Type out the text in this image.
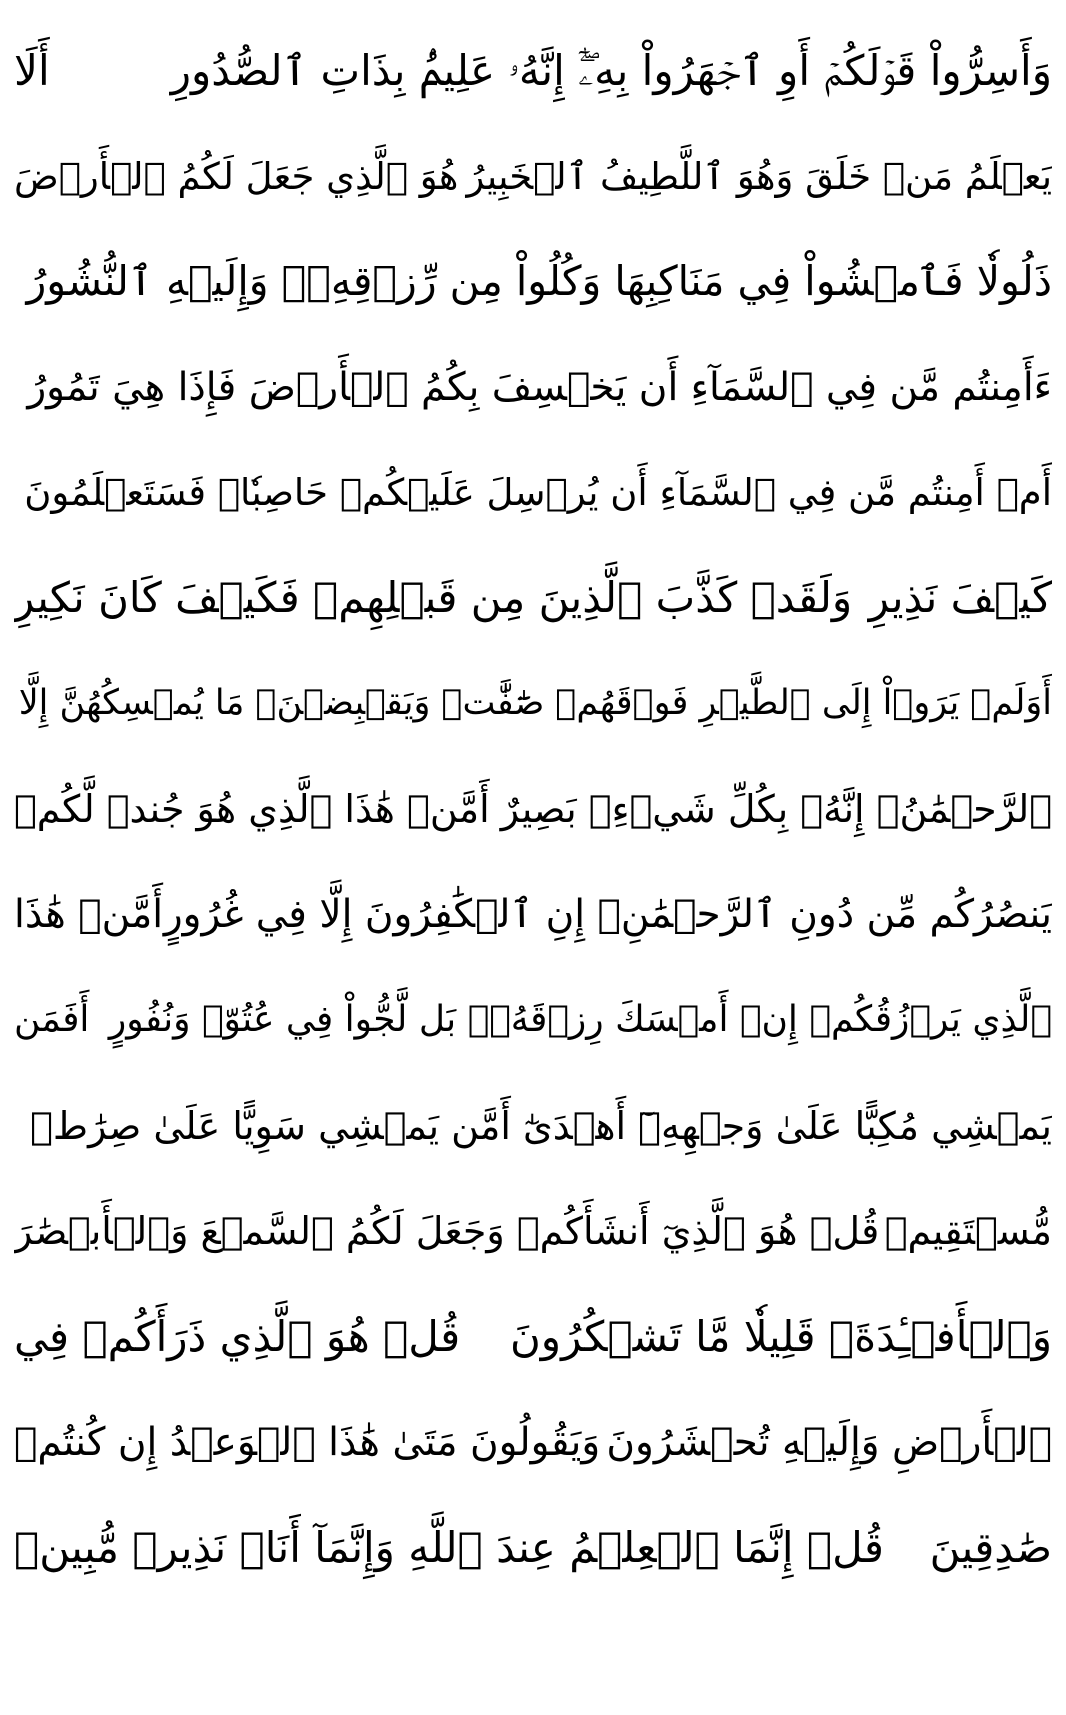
وَأَسِرُّواْ قَوۡلَكُمۡ أَوِ ٱجۡهَرُواْ بِهِۦٓۖ إِنَّهُۥ عَلِيمُۢ بِذَاتِ ٱلصُّدُورِ
أَلَا
يَعۡلَمُ مَنۡ خَلَقَ وَهُوَ ٱللَّطِيفُ ٱلۡخَبِيرُ
هُوَ ٱلَّذِي جَعَلَ لَكُمُ ٱلۡأَرۡضَ
ذَلُولٗا فَٱمۡشُواْ فِي مَنَاكِبِهَا وَكُلُواْ مِن رِّزۡقِهِۦۖ وَإِلَيۡهِ ٱلنُّشُورُ
ءَأَمِنتُم مَّن فِي ٱلسَّمَآءِ أَن يَخۡسِفَ بِكُمُ ٱلۡأَرۡضَ فَإِذَا هِيَ تَمُورُ
أَمۡ أَمِنتُم مَّن فِي ٱلسَّمَآءِ أَن يُرۡسِلَ عَلَيۡكُمۡ حَاصِبٗاۖ فَسَتَعۡلَمُونَ
كَيۡفَ نَذِيرِ
وَلَقَدۡ كَذَّبَ ٱلَّذِينَ مِن قَبۡلِهِمۡ فَكَيۡفَ كَانَ نَكِيرِ
أَوَلَمۡ يَرَوۡاْ إِلَى ٱلطَّيۡرِ فَوۡقَهُمۡ صَٰٓفَّٰتٖ وَيَقۡبِضۡنَۚ مَا يُمۡسِكُهُنَّ إِلَّا
ٱلرَّحۡمَٰنُۚ إِنَّهُۥ بِكُلِّ شَيۡءِۭ بَصِيرٌ
أَمَّنۡ هَٰذَا ٱلَّذِي هُوَ جُندٞ لَّكُمۡ
يَنصُرُكُم مِّن دُونِ ٱلرَّحۡمَٰنِۚ إِنِ ٱلۡكَٰفِرُونَ إِلَّا فِي غُرُورٍ
أَمَّنۡ هَٰذَا
ٱلَّذِي يَرۡزُقُكُمۡ إِنۡ أَمۡسَكَ رِزۡقَهُۥۚ بَل لَّجُّواْ فِي عُتُوّٖ وَنُفُورٍ
أَفَمَن
يَمۡشِي مُكِبًّا عَلَىٰ وَجۡهِهِۦٓ أَهۡدَىٰٓ أَمَّن يَمۡشِي سَوِيًّا عَلَىٰ صِرَٰطٖ
مُّسۡتَقِيمٖ
قُلۡ هُوَ ٱلَّذِيٓ أَنشَأَكُمۡ وَجَعَلَ لَكُمُ ٱلسَّمۡعَ وَٱلۡأَبۡصَٰرَ
وَٱلۡأَفۡـِٔدَةَۚ قَلِيلٗا مَّا تَشۡكُرُونَ
قُلۡ هُوَ ٱلَّذِي ذَرَأَكُمۡ فِي
ٱلۡأَرۡضِ وَإِلَيۡهِ تُحۡشَرُونَ
وَيَقُولُونَ مَتَىٰ هَٰذَا ٱلۡوَعۡدُ إِن كُنتُمۡ
صَٰدِقِينَ
قُلۡ إِنَّمَا ٱلۡعِلۡمُ عِندَ ٱللَّهِ وَإِنَّمَآ أَنَا۠ نَذِيرٞ مُّبِينٞ
